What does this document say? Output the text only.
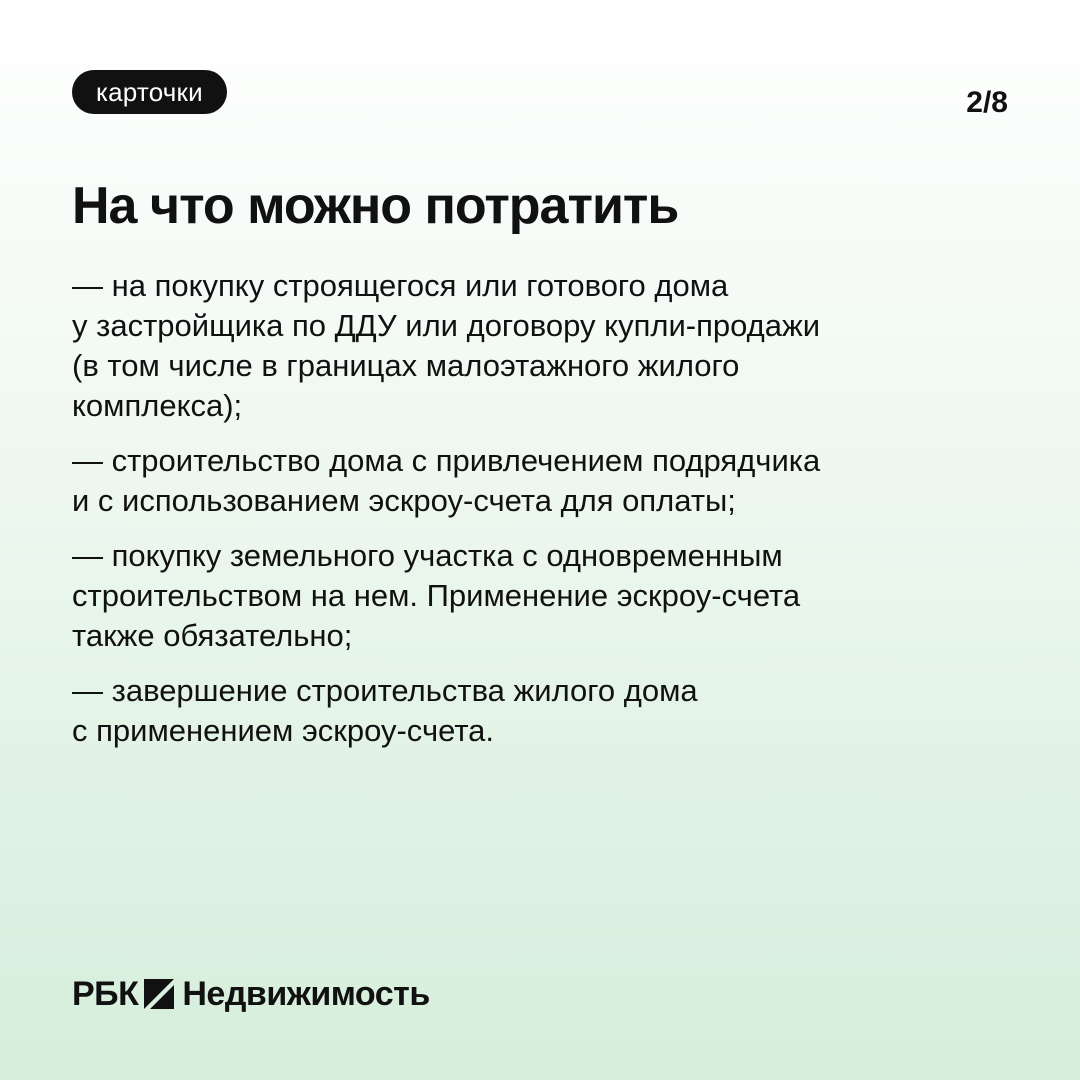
карточки	2/8
На что можно потратить

— на покупку строящегося или готового дома
у застройщика по ДДУ или договору купли-продажи
(в том числе в границах малоэтажного жилого
комплекса);

— строительство дома с привлечением подрядчика
и с использованием эскроу-счета для оплаты;

— покупку земельного участка с одновременным
строительством на нем. Применение эскроу-счета
также обязательно;

— завершение строительства жилого дома
с применением эскроу-счета.

РБК Недвижимость
